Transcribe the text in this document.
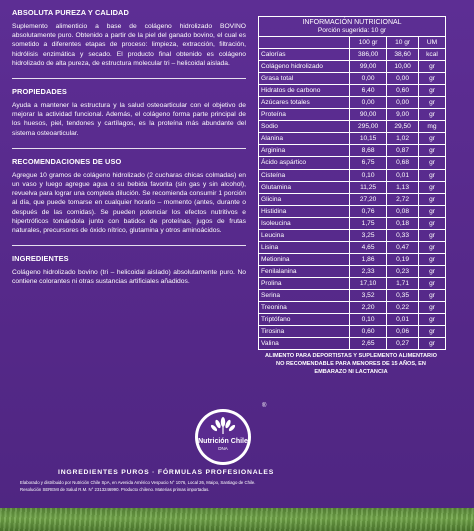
ABSOLUTA PUREZA Y CALIDAD

Suplemento alimenticio a base de colágeno hidrolizado BOVINO absolutamente puro. Obtenido a partir de la piel del ganado bovino, el cual es sometido a diferentes etapas de proceso: limpieza, extracción, filtración, hidrólisis enzimática y secado. El producto final obtenido es colágeno hidrolizado de alta pureza, de estructura molecular tri – helicoidal aislada.

PROPIEDADES

Ayuda a mantener la estructura y la salud osteoarticular con el objetivo de mejorar la actividad funcional. Además, el colágeno forma parte principal de los huesos, piel, tendones y cartílagos, es la proteína más abundante del sistema osteoarticular.

RECOMENDACIONES DE USO

Agregue 10 gramos de colágeno hidrolizado (2 cucharas chicas colmadas) en un vaso y luego agregue agua o su bebida favorita (sin gas y sin alcohol), revuelva para lograr una completa dilución. Se recomienda consumir 1 porción al día, que puede tomarse en cualquier horario – momento (antes, durante o después de las comidas). Se pueden potenciar los efectos nutritivos e hipertróficos tomándola junto con batidos de proteínas, jugos de frutas naturales, precursores de óxido nítrico, glutamina y otros aminoácidos.

INGREDIENTES

Colágeno hidrolizado bovino (tri – helicoidal aislado) absolutamente puro. No contiene colorantes ni otras sustancias artificiales añadidos.

INFORMACIÓN NUTRICIONAL
Porción sugerida: 10 gr
	100 gr	10 gr	UM
Calorías	386,00	38,60	kcal
Colágeno hidrolizado	99,00	10,00	gr
Grasa total	0,00	0,00	gr
Hidratos de carbono	6,40	0,60	gr
Azúcares totales	0,00	0,00	gr
Proteína	90,00	9,00	gr
Sodio	295,00	29,50	mg
Alanina	10,15	1,02	gr
Arginina	8,68	0,87	gr
Ácido aspártico	6,75	0,68	gr
Cisteína	0,10	0,01	gr
Glutamina	11,25	1,13	gr
Glicina	27,20	2,72	gr
Histidina	0,76	0,08	gr
Isoleucina	1,75	0,18	gr
Leucina	3,25	0,33	gr
Lisina	4,65	0,47	gr
Metionina	1,86	0,19	gr
Fenilalanina	2,33	0,23	gr
Prolina	17,10	1,71	gr
Serina	3,52	0,35	gr
Treonina	2,20	0,22	gr
Triptófano	0,10	0,01	gr
Tirosina	0,60	0,06	gr
Valina	2,65	0,27	gr
ALIMENTO PARA DEPORTISTAS Y SUPLEMENTO ALIMENTARIO
NO RECOMENDABLE PARA MENORES DE 15 AÑOS, EN
EMBARAZO NI LACTANCIA
Nutrición Chile
DNA
®
INGREDIENTES PUROS · FÓRMULAS PROFESIONALES
Elaborado y distribuido por Nutrición Chile SpA, en Avenida Américo Vespucio N° 1076, Local 26, Maipo, Santiago de Chile.
Resolución SEREMI de Salud R.M. N° 2313246990. Producto chileno. Materias primas importadas.
